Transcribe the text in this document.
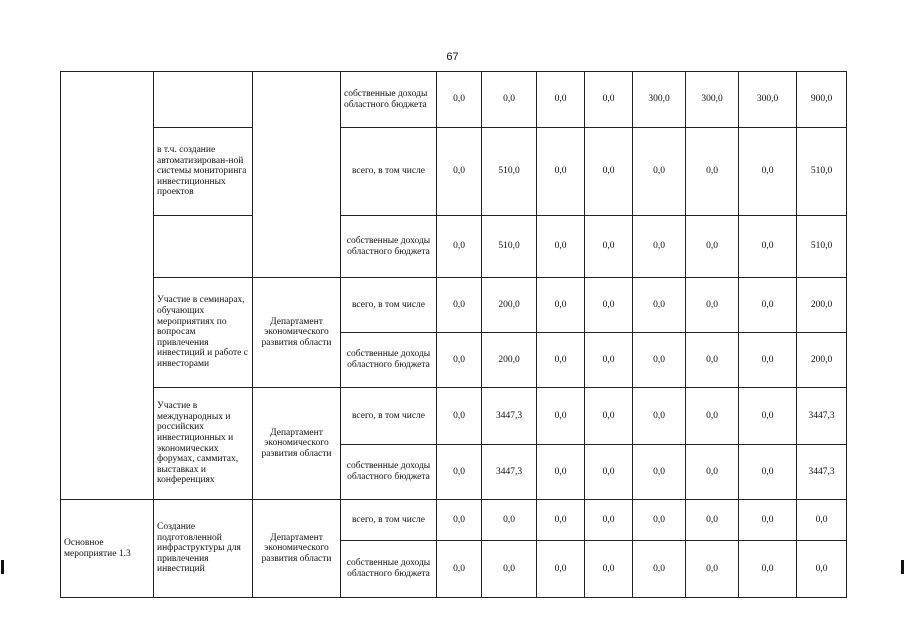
67
			собственные доходы областного бюджета	0,0	0,0	0,0	0,0	300,0	300,0	300,0	900,0
	в т.ч. создание автоматизирован-ной системы мониторинга инвестиционных проектов		всего, в том числе	0,0	510,0	0,0	0,0	0,0	0,0	0,0	510,0
			собственные доходы областного бюджета	0,0	510,0	0,0	0,0	0,0	0,0	0,0	510,0
	Участие в семинарах, обучающих мероприятиях по вопросам привлечения инвестиций и работе с инвесторами	Департамент экономического развития области	всего, в том числе	0,0	200,0	0,0	0,0	0,0	0,0	0,0	200,0
			собственные доходы областного бюджета	0,0	200,0	0,0	0,0	0,0	0,0	0,0	200,0
	Участие в международных и российских инвестиционных и экономических форумах, саммитах, выставках и конференциях	Департамент экономического развития области	всего, в том числе	0,0	3447,3	0,0	0,0	0,0	0,0	0,0	3447,3
			собственные доходы областного бюджета	0,0	3447,3	0,0	0,0	0,0	0,0	0,0	3447,3
Основное мероприятие 1.3	Создание подготовленной инфраструктуры для привлечения инвестиций	Департамент экономического развития области	всего, в том числе	0,0	0,0	0,0	0,0	0,0	0,0	0,0	0,0
			собственные доходы областного бюджета	0,0	0,0	0,0	0,0	0,0	0,0	0,0	0,0
